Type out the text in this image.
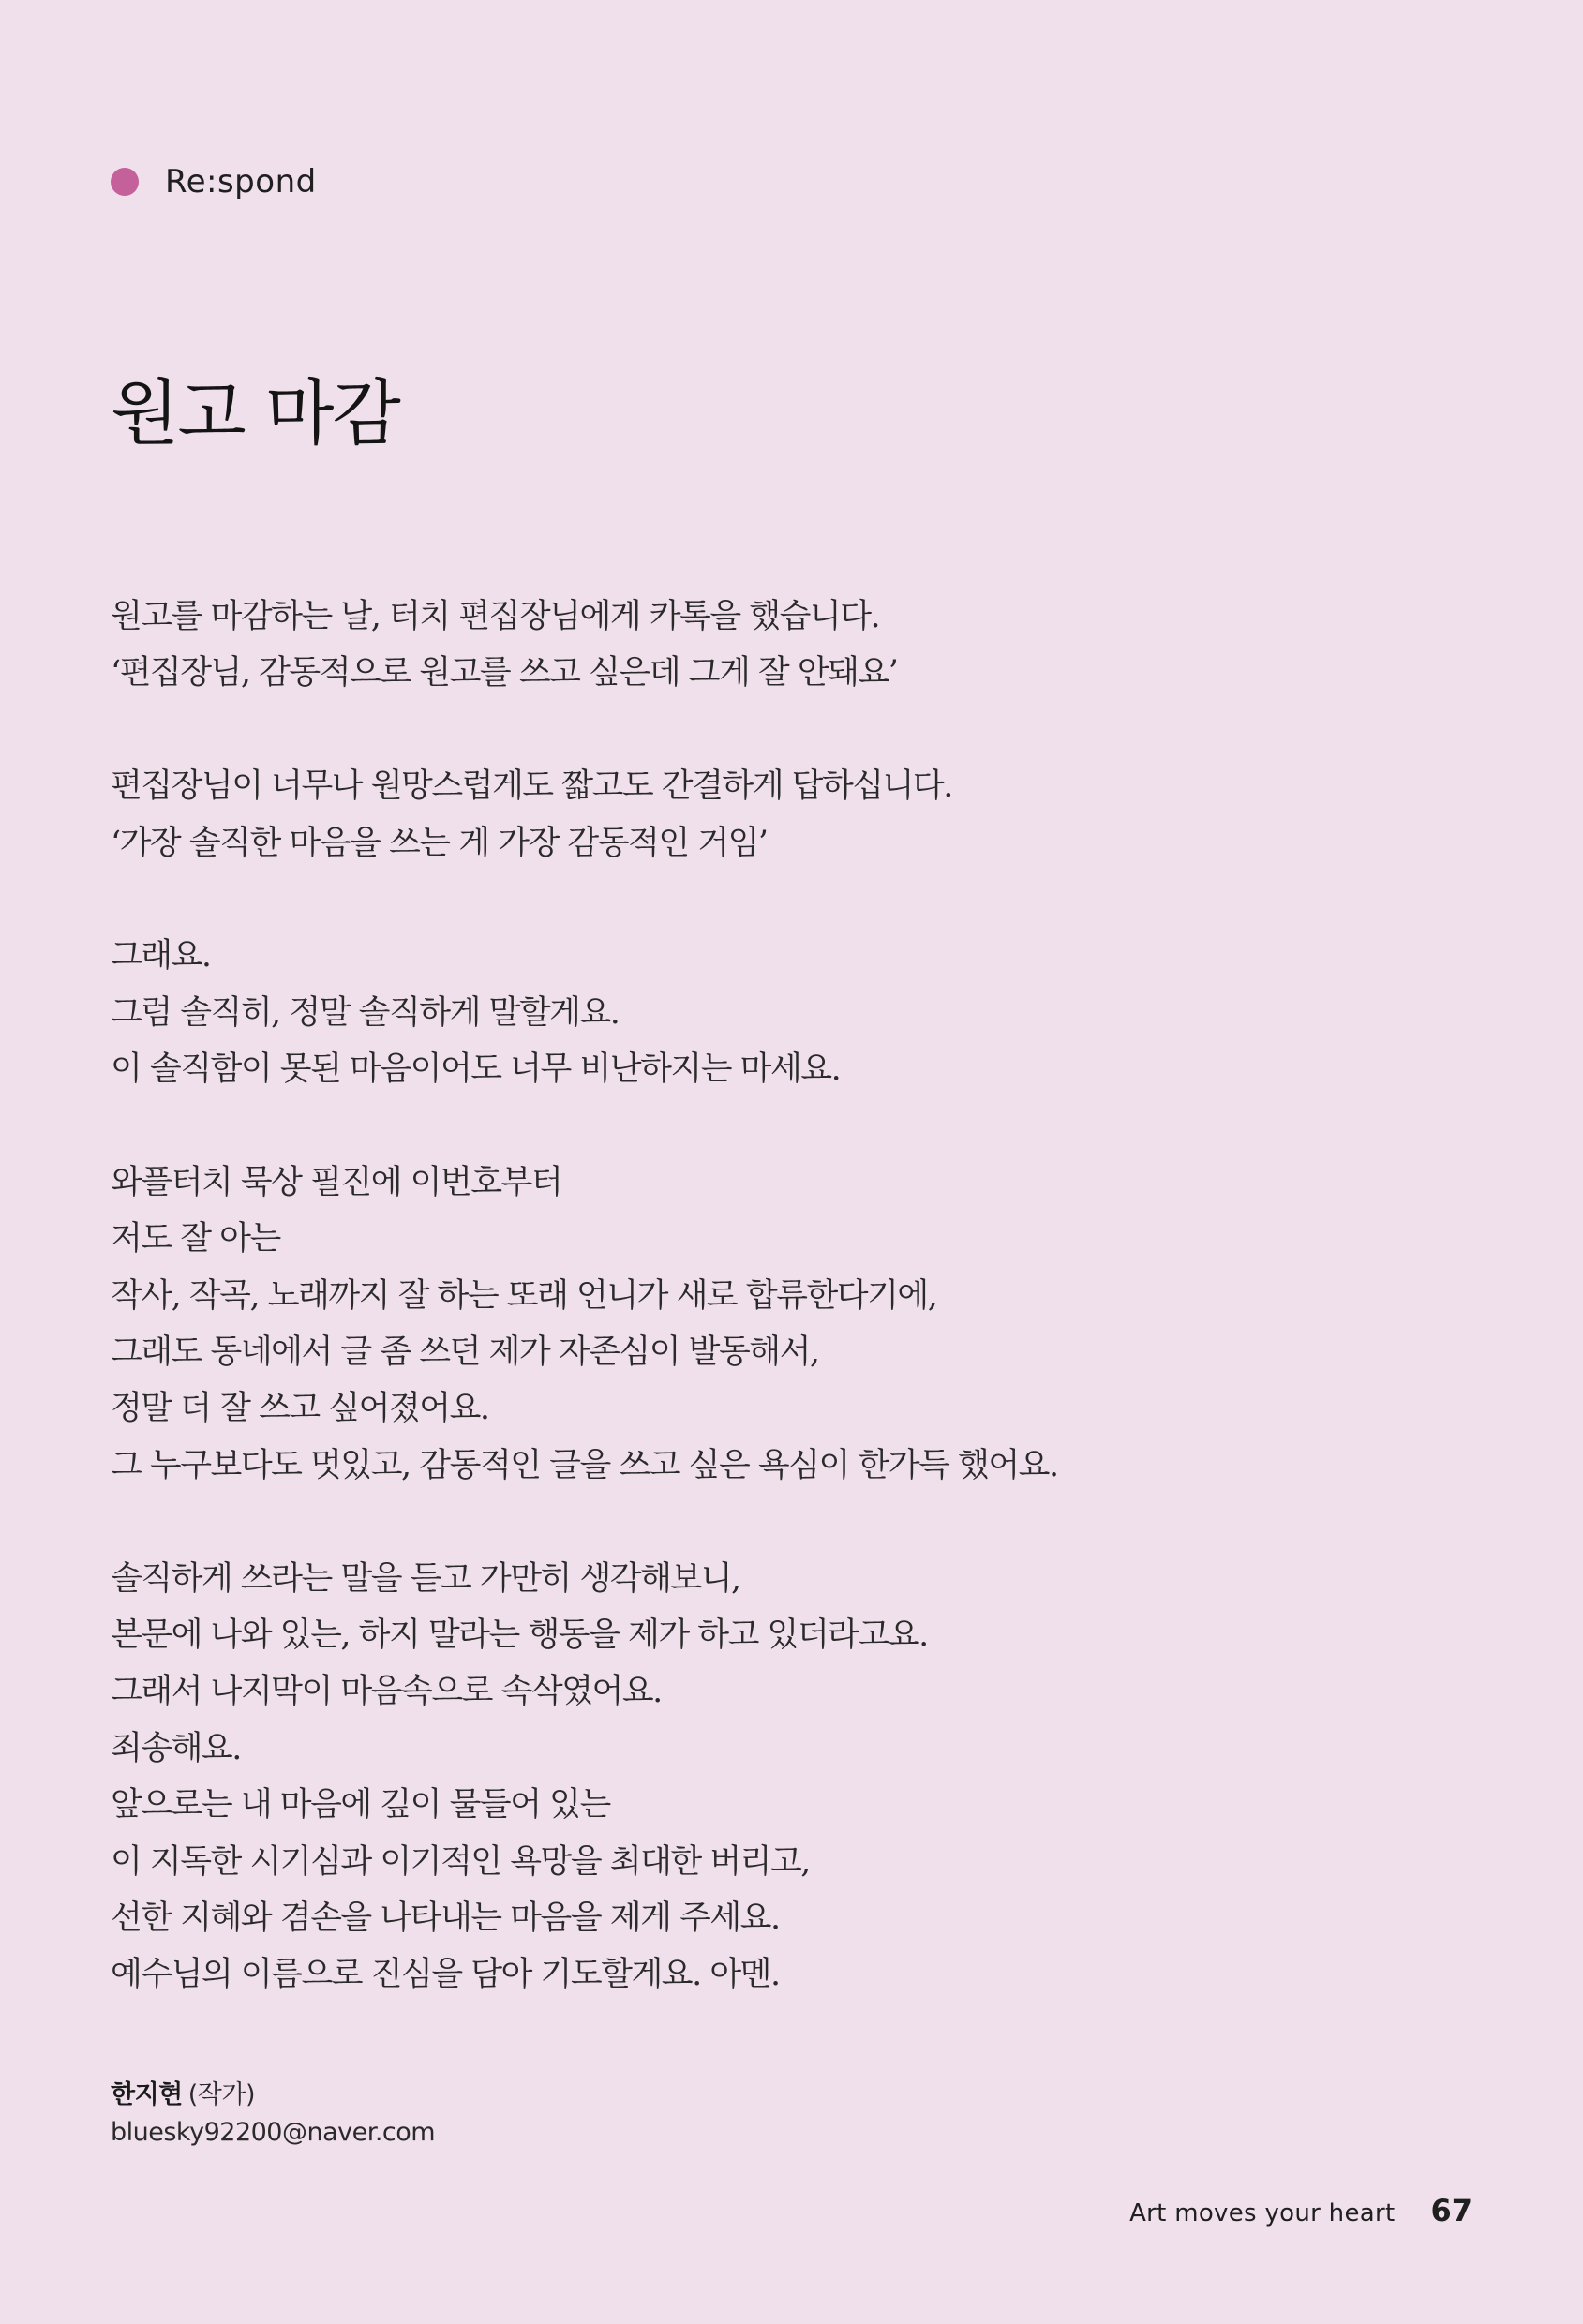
Re:spond
원고 마감
원고를 마감하는 날, 터치 편집장님에게 카톡을 했습니다.
‘편집장님, 감동적으로 원고를 쓰고 싶은데 그게 잘 안돼요’
편집장님이 너무나 원망스럽게도 짧고도 간결하게 답하십니다.
‘가장 솔직한 마음을 쓰는 게 가장 감동적인 거임’
그래요.
그럼 솔직히, 정말 솔직하게 말할게요.
이 솔직함이 못된 마음이어도 너무 비난하지는 마세요.
와플터치 묵상 필진에 이번호부터
저도 잘 아는
작사, 작곡, 노래까지 잘 하는 또래 언니가 새로 합류한다기에,
그래도 동네에서 글 좀 쓰던 제가 자존심이 발동해서,
정말 더 잘 쓰고 싶어졌어요.
그 누구보다도 멋있고, 감동적인 글을 쓰고 싶은 욕심이 한가득 했어요.
솔직하게 쓰라는 말을 듣고 가만히 생각해보니,
본문에 나와 있는, 하지 말라는 행동을 제가 하고 있더라고요.
그래서 나지막이 마음속으로 속삭였어요.
죄송해요.
앞으로는 내 마음에 깊이 물들어 있는
이 지독한 시기심과 이기적인 욕망을 최대한 버리고,
선한 지혜와 겸손을 나타내는 마음을 제게 주세요.
예수님의 이름으로 진심을 담아 기도할게요. 아멘.
한지현 (작가)
bluesky92200@naver.com
Art moves your heart 67
